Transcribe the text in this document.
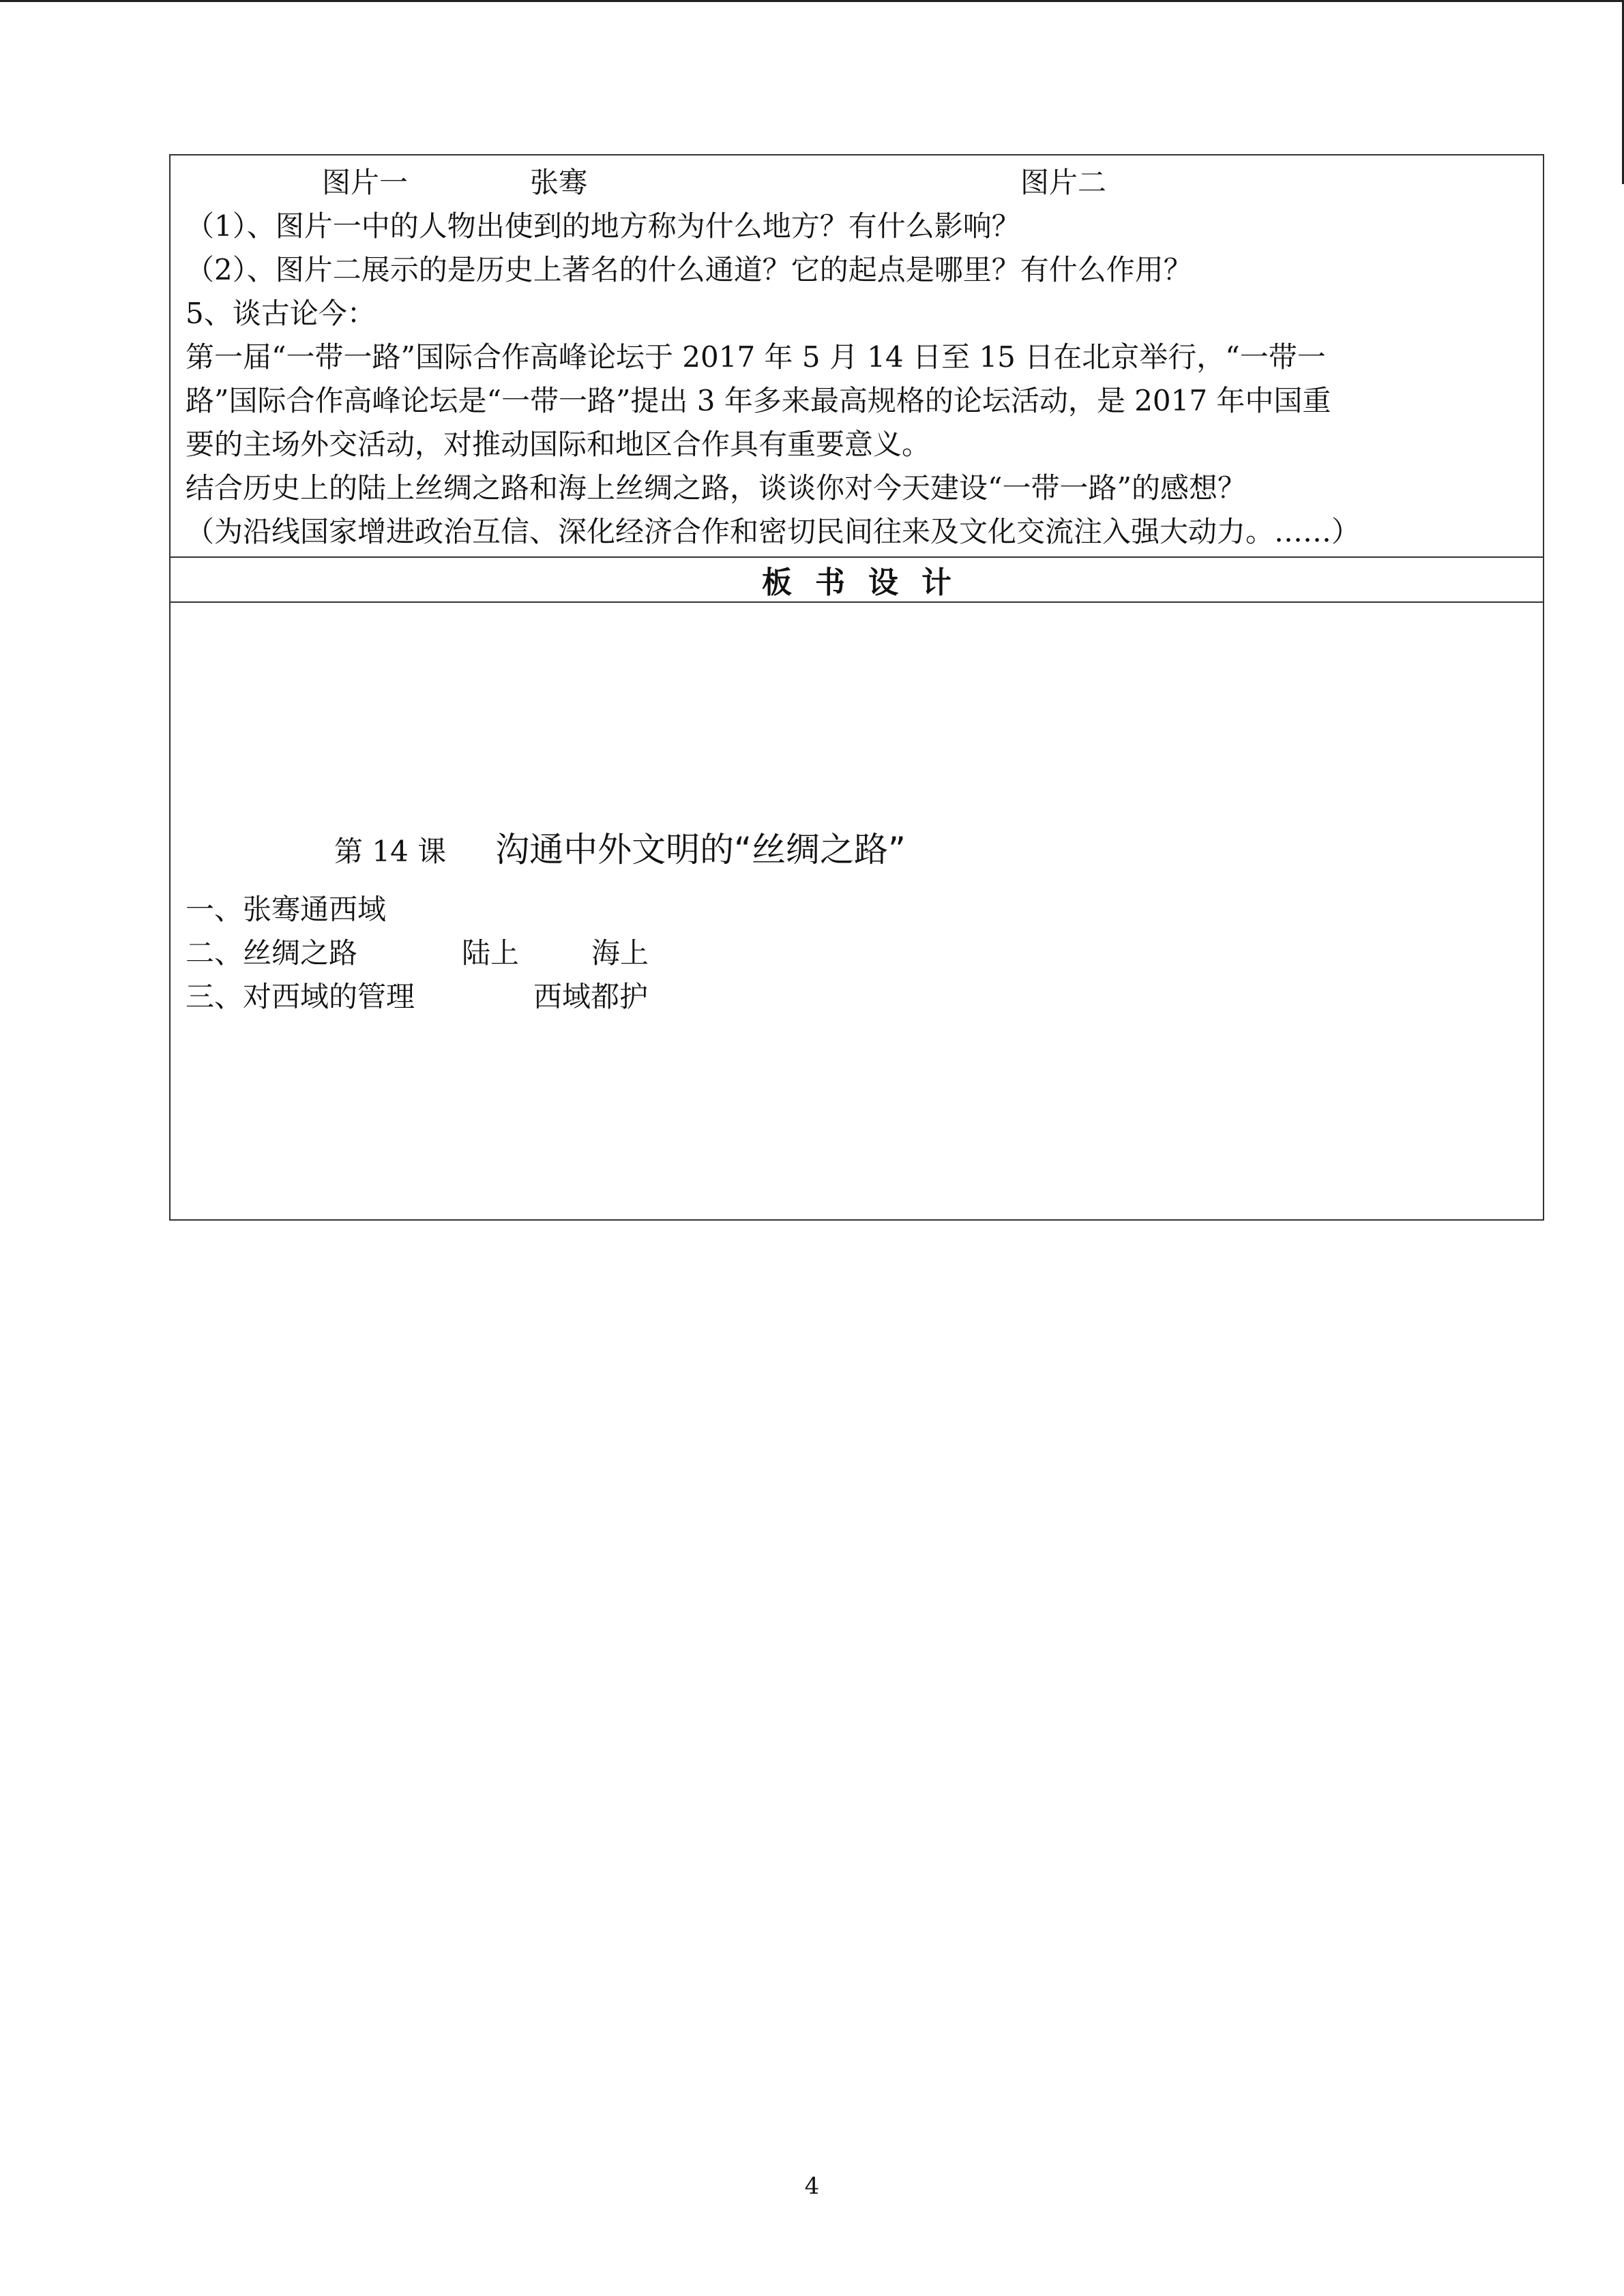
图片一	张骞	图片二
（1）、图片一中的人物出使到的地方称为什么地方？有什么影响？
（2）、图片二展示的是历史上著名的什么通道？它的起点是哪里？有什么作用？
5、谈古论今：
第一届“一带一路”国际合作高峰论坛于 2017 年 5 月 14 日至 15 日在北京举行，“一带一
路”国际合作高峰论坛是“一带一路”提出 3 年多来最高规格的论坛活动，是 2017 年中国重
要的主场外交活动，对推动国际和地区合作具有重要意义。
结合历史上的陆上丝绸之路和海上丝绸之路，谈谈你对今天建设“一带一路”的感想？
（为沿线国家增进政治互信、深化经济合作和密切民间往来及文化交流注入强大动力。……）
板书设计
第 14 课 沟通中外文明的“丝绸之路”
一、张骞通西域
二、丝绸之路	陆上	海上
三、对西域的管理	西域都护
4
